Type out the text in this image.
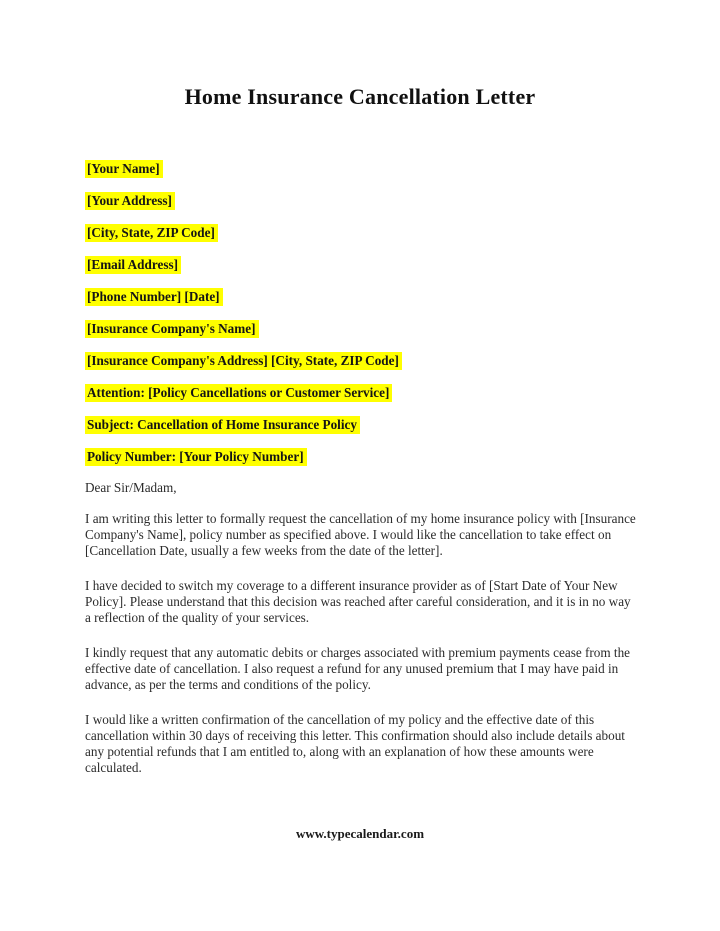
Home Insurance Cancellation Letter
[Your Name]
[Your Address]
[City, State, ZIP Code]
[Email Address]
[Phone Number] [Date]
[Insurance Company's Name]
[Insurance Company's Address] [City, State, ZIP Code]
Attention: [Policy Cancellations or Customer Service]
Subject: Cancellation of Home Insurance Policy
Policy Number: [Your Policy Number]

Dear Sir/Madam,

I am writing this letter to formally request the cancellation of my home insurance policy with [Insurance Company's Name], policy number as specified above. I would like the cancellation to take effect on [Cancellation Date, usually a few weeks from the date of the letter].

I have decided to switch my coverage to a different insurance provider as of [Start Date of Your New Policy]. Please understand that this decision was reached after careful consideration, and it is in no way a reflection of the quality of your services.

I kindly request that any automatic debits or charges associated with premium payments cease from the effective date of cancellation. I also request a refund for any unused premium that I may have paid in advance, as per the terms and conditions of the policy.

I would like a written confirmation of the cancellation of my policy and the effective date of this cancellation within 30 days of receiving this letter. This confirmation should also include details about any potential refunds that I am entitled to, along with an explanation of how these amounts were calculated.

www.typecalendar.com
